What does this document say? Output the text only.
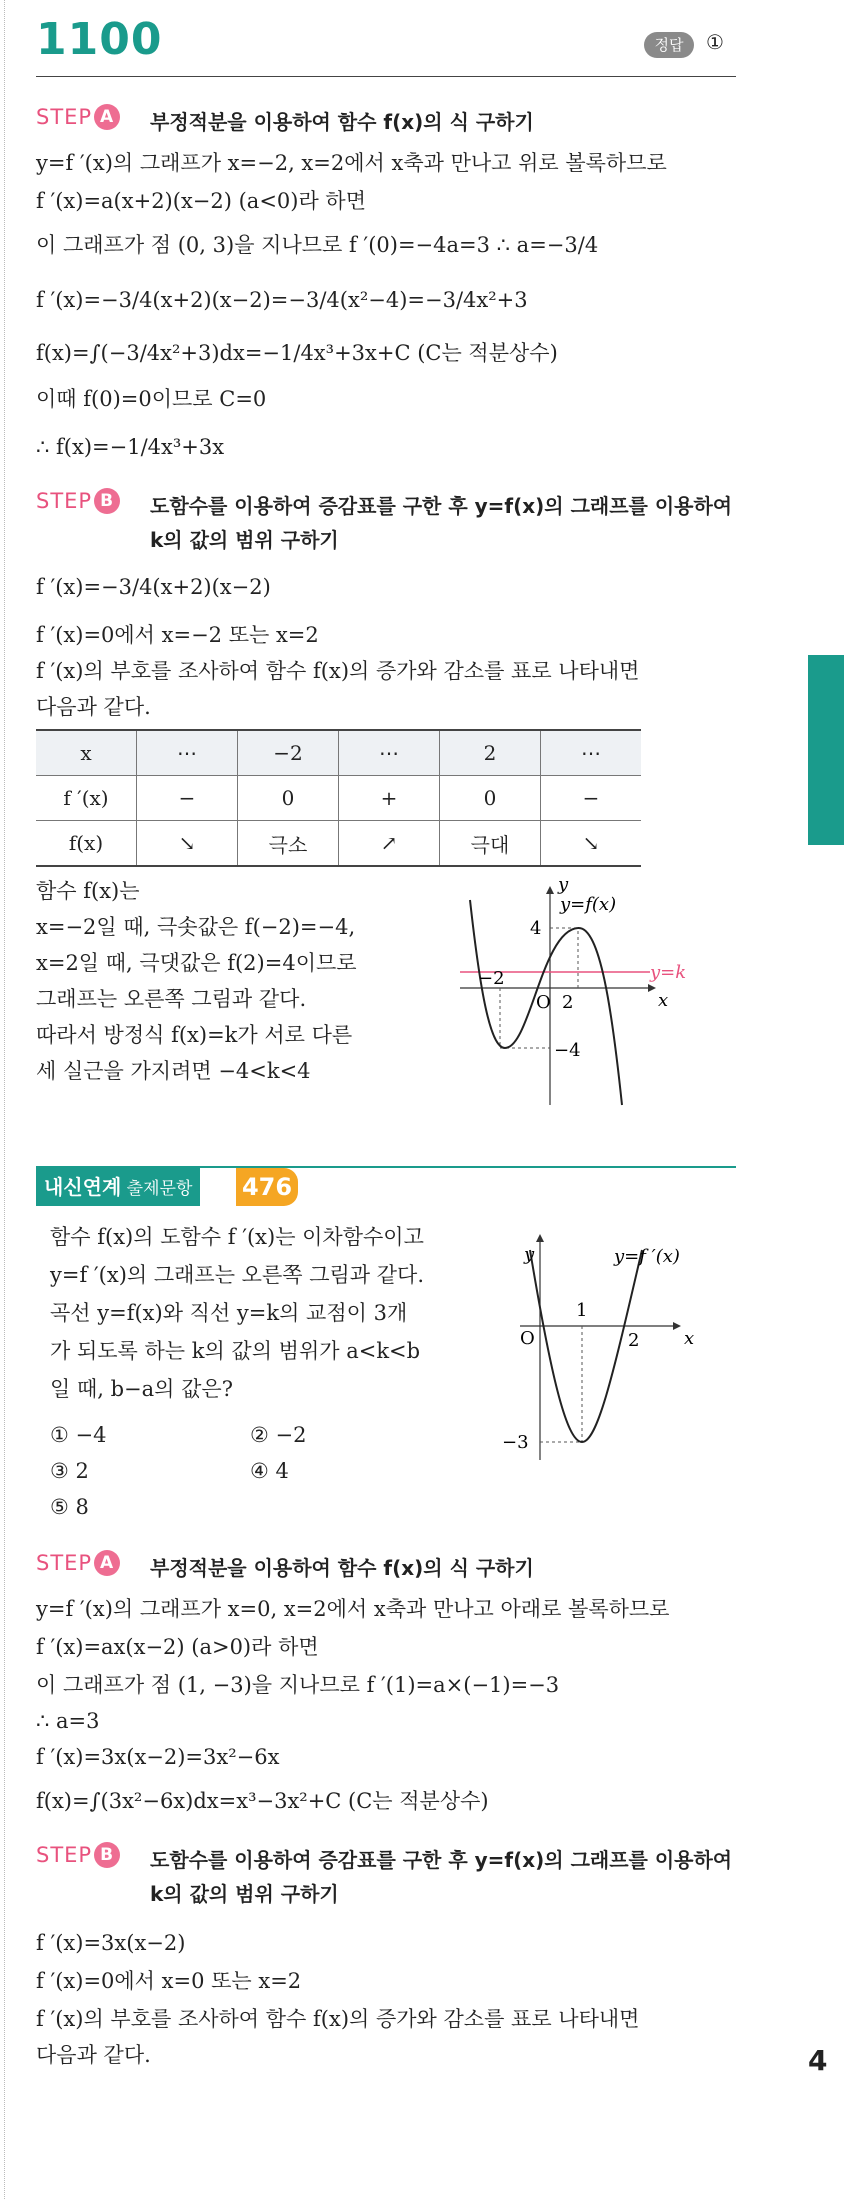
1100	정답	①
STEP A 부정적분을 이용하여 함수 f(x)의 식 구하기
y=f ′(x)의 그래프가 x=−2, x=2에서 x축과 만나고 위로 볼록하므로
f ′(x)=a(x+2)(x−2) (a<0)라 하면
이 그래프가 점 (0, 3)을 지나므로 f ′(0)=−4a=3 ∴ a=−3/4
f ′(x)=−3/4(x+2)(x−2)=−3/4(x²−4)=−3/4x²+3
f(x)=∫(−3/4x²+3)dx=−1/4x³+3x+C (C는 적분상수)
이때 f(0)=0이므로 C=0
∴ f(x)=−1/4x³+3x
STEP B	도함수를 이용하여 증감표를 구한 후 y=f(x)의 그래프를 이용하여
k의 값의 범위 구하기
f ′(x)=−3/4(x+2)(x−2)
f ′(x)=0에서 x=−2 또는 x=2
f ′(x)의 부호를 조사하여 함수 f(x)의 증가와 감소를 표로 나타내면
다음과 같다.
x	⋯	−2	⋯	2	⋯
f ′(x)	−	0	+	0	−
f(x)	↘	극소	↗	극대	↘
함수 f(x)는
x=−2일 때, 극솟값은 f(−2)=−4,
x=2일 때, 극댓값은 f(2)=4이므로
그래프는 오른쪽 그림과 같다.
따라서 방정식 f(x)=k가 서로 다른
세 실근을 가지려면 −4<k<4
y
x
O 2
−2
4
−4
y=f(x)
y=k
내신연계 출제문항	476
함수 f(x)의 도함수 f ′(x)는 이차함수이고
y=f ′(x)의 그래프는 오른쪽 그림과 같다.
곡선 y=f(x)와 직선 y=k의 교점이 3개
가 되도록 하는 k의 값의 범위가 a<k<b
일 때, b−a의 값은?
① −4	② −2
③ 2	④ 4
⑤ 8
y
x
O
1
2
−3
y=f ′(x)
STEP A 부정적분을 이용하여 함수 f(x)의 식 구하기
y=f ′(x)의 그래프가 x=0, x=2에서 x축과 만나고 아래로 볼록하므로
f ′(x)=ax(x−2) (a>0)라 하면
이 그래프가 점 (1, −3)을 지나므로 f ′(1)=a×(−1)=−3
∴ a=3
f ′(x)=3x(x−2)=3x²−6x
f(x)=∫(3x²−6x)dx=x³−3x²+C (C는 적분상수)
STEP B	도함수를 이용하여 증감표를 구한 후 y=f(x)의 그래프를 이용하여
k의 값의 범위 구하기
f ′(x)=3x(x−2)
f ′(x)=0에서 x=0 또는 x=2
f ′(x)의 부호를 조사하여 함수 f(x)의 증가와 감소를 표로 나타내면
다음과 같다.	4
